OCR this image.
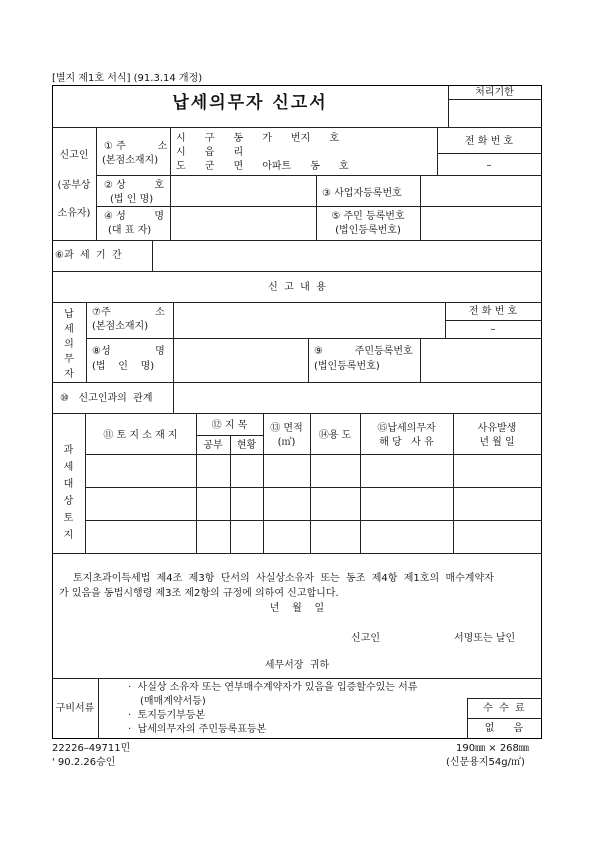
[별지 제1호 서식] (91.3.14 개정)
납세의무자 신고서
처리기한
신고인
(공부상
소유자)
① 주          소
(본점소재지)
시      구      동      가      번지      호
시      읍      리
도      군      면      아파트      동      호
전 화 번 호
–
② 상         호
(법 인 명)
③ 사업자등록번호
④ 성         명
(대 표 자)
⑤ 주민 등록번호
(법인등록번호)
⑥과  세  기  간
신  고  내  용
납
세
의
무
자
⑦주              소
(본점소재지)
전 화 번 호
–
⑧성              명
(법    인    명)
⑨          주민등록번호
(법인등록번호)
⑩   신고인과의  관계
과
세
대
상
토
지
⑪ 토 지 소 재 지
⑫ 지 목
공부	현황
⑬ 면적
(㎡)
⑭용 도
⑮납세의무자
해 당   사 유
사유발생
년 월 일
토지초과이득세법  제4조  제3항  단서의  사실상소유자  또는  동조  제4항  제1호의  매수계약자
가 있음을 동법시행령 제3조 제2항의 규정에 의하여 신고합니다.
년    월    일
신고인	서명또는 날인
세무서장  귀하
구비서류
·  사실상 소유자 또는 연부매수계약자가 있음을 입증할수있는 서류
(매매계약서등)
·  토지등기부등본
·  납세의무자의 주민등록표등본
수  수  료
없      음
22226–49711민
' 90.2.26승인
190㎜ × 268㎜
(신문용지54g/㎡)
